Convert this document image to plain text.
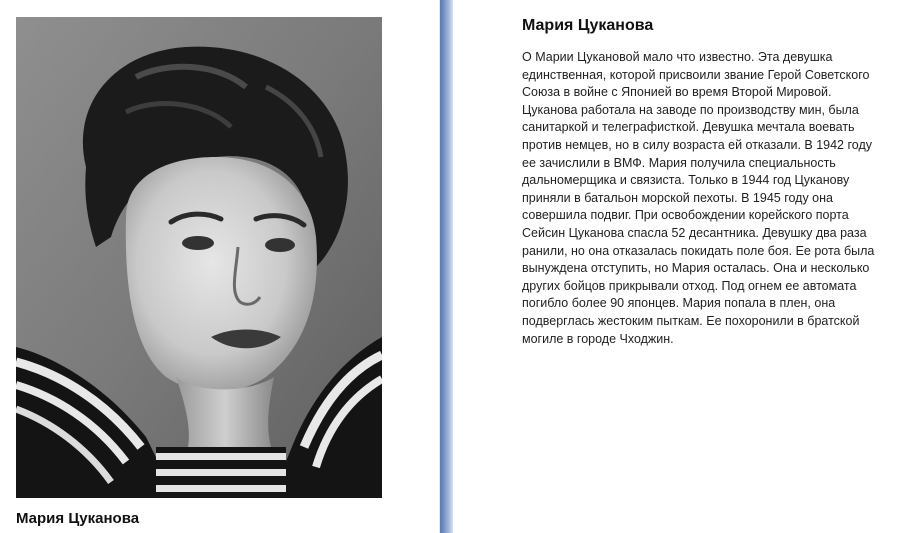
Мария Цуканова
Мария Цуканова
О Марии Цукановой мало что известно. Эта девушка
единственная, которой присвоили звание Герой Советского
Союза в войне с Японией во время Второй Мировой.
Цуканова работала на заводе по производству мин, была
санитаркой и телеграфисткой. Девушка мечтала воевать
против немцев, но в силу возраста ей отказали. В 1942 году
ее зачислили в ВМФ. Мария получила специальность
дальномерщика и связиста. Только в 1944 год Цуканову
приняли в батальон морской пехоты. В 1945 году она
совершила подвиг. При освобождении корейского порта
Сейсин Цуканова спасла 52 десантника. Девушку два раза
ранили, но она отказалась покидать поле боя. Ее рота была
вынуждена отступить, но Мария осталась. Она и несколько
других бойцов прикрывали отход. Под огнем ее автомата
погибло более 90 японцев. Мария попала в плен, она
подверглась жестоким пыткам. Ее похоронили в братской
могиле в городе Чходжин.
